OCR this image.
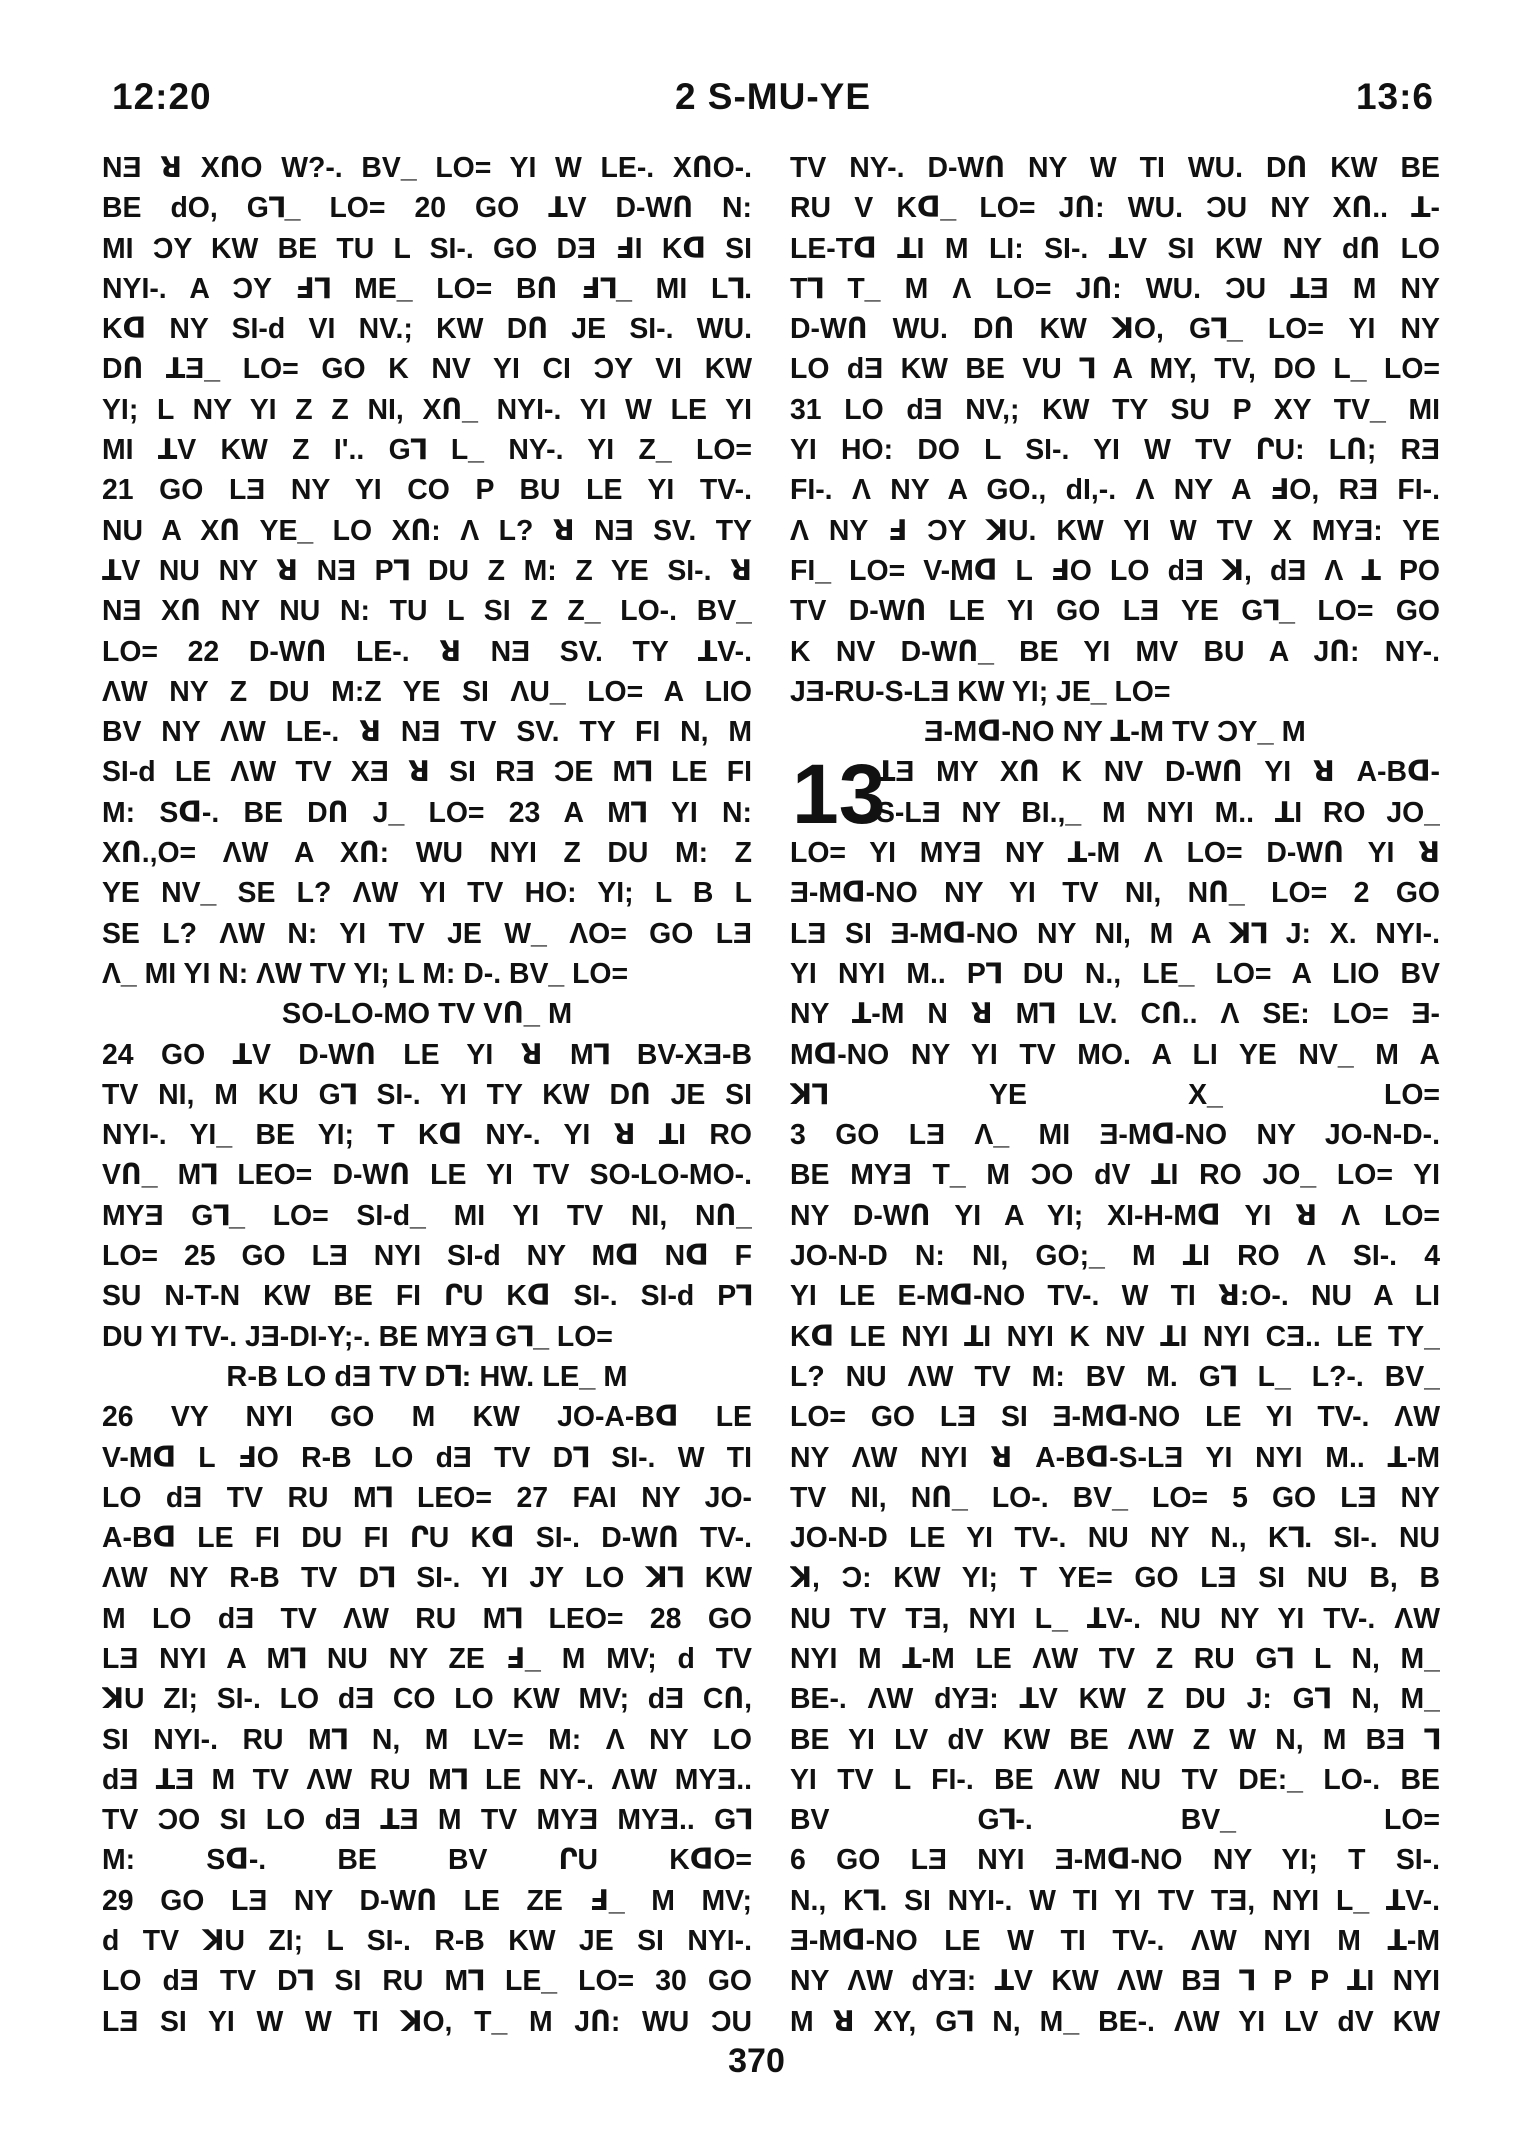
12:20	2 S-MU-YE	13:6
NƎ ꓤ XՈO W?-. BV_ LO= YI W LE-. XՈO-.
BE dO, Gꓶ_ LO= 20 GO ꓕV D-WՈ N:
MI ƆY KW BE TU L SI-. GO DƎ ꓞI Kᗡ SI
NYI-. A ƆY ꓞꓶ ME_ LO= BՈ ꓞꓶ_ MI Lꓶ.
Kᗡ NY SI-d VI NV.; KW DՈ JE SI-. WU.
DՈ ꓕƎ_ LO= GO K NV YI CI ƆY VI KW
YI; L NY YI Z Z NI, XՈ_ NYI-. YI W LE YI
MI ꓕV KW Z I'.. Gꓶ L_ NY-. YI Z_ LO=
21 GO LƎ NY YI CO P BU LE YI TV-.
NU A XՈ YE_ LO XՈ: Λ L? ꓤ NƎ SV. TY
ꓕV NU NY ꓤ NƎ Pꓶ DU Z M: Z YE SI-. ꓤ
NƎ XՈ NY NU N: TU L SI Z Z_ LO-. BV_
LO= 22 D-WՈ LE-. ꓤ NƎ SV. TY ꓕV-.
ΛW NY Z DU M:Z YE SI ΛU_ LO= A LIO
BV NY ΛW LE-. ꓤ NƎ TV SV. TY FI N, M
SI-d LE ΛW TV XƎ ꓤ SI RƎ ƆE Mꓶ LE FI
M: Sᗡ-. BE DՈ J_ LO= 23 A Mꓶ YI N:
XՈ.,O= ΛW A XՈ: WU NYI Z DU M: Z
YE NV_ SE L? ΛW YI TV HO: YI; L B L
SE L? ΛW N: YI TV JE W_ ΛO= GO LƎ
Λ_ MI YI N: ΛW TV YI; L M: D-. BV_ LO=
SO-LO-MO TV VՈ_ M
24 GO ꓕV D-WՈ LE YI ꓤ Mꓶ BV-XƎ-B
TV NI, M KU Gꓶ SI-. YI TY KW DՈ JE SI
NYI-. YI_ BE YI; T Kᗡ NY-. YI ꓤ ꓕI RO
VՈ_ Mꓶ LEO= D-WՈ LE YI TV SO-LO-MO-.
MYƎ Gꓶ_ LO= SI-d_ MI YI TV NI, NՈ_
LO= 25 GO LƎ NYI SI-d NY Mᗡ Nᗡ F
SU N-T-N KW BE FI ՐU Kᗡ SI-. SI-d Pꓶ
DU YI TV-. JƎ-DI-Y;-. BE MYƎ Gꓶ_ LO=
R-B LO dƎ TV Dꓶ: HW. LE_ M
26 VY NYI GO M KW JO-A-Bᗡ LE
V-Mᗡ L ꓞO R-B LO dƎ TV Dꓶ SI-. W TI
LO dƎ TV RU Mꓶ LEO= 27 FAI NY JO-
A-Bᗡ LE FI DU FI ՐU Kᗡ SI-. D-WՈ TV-.
ΛW NY R-B TV Dꓶ SI-. YI JY LO ꓘꓶ KW
M LO dƎ TV ΛW RU Mꓶ LEO= 28 GO
LƎ NYI A Mꓶ NU NY ZE ꓞ_ M MV; d TV
ꓘU ZI; SI-. LO dƎ CO LO KW MV; dƎ CՈ,
SI NYI-. RU Mꓶ N, M LV= M: Λ NY LO
dƎ ꓕƎ M TV ΛW RU Mꓶ LE NY-. ΛW MYƎ..
TV ƆO SI LO dƎ ꓕƎ M TV MYƎ MYƎ.. Gꓶ
M: Sᗡ-. BE BV ՐU KᗡO=
29 GO LƎ NY D-WՈ LE ZE ꓞ_ M MV;
d TV ꓘU ZI; L SI-. R-B KW JE SI NYI-.
LO dƎ TV Dꓶ SI RU Mꓶ LE_ LO= 30 GO
LƎ SI YI W W TI ꓘO, T_ M JՈ: WU ƆU
TV NY-. D-WՈ NY W TI WU. DՈ KW BE
RU V Kᗡ_ LO= JՈ: WU. ƆU NY XՈ.. ꓕ-
LE-Tᗡ ꓕI M LI: SI-. ꓕV SI KW NY dՈ LO
Tꓶ T_ M Λ LO= JՈ: WU. ƆU ꓕƎ M NY
D-WՈ WU. DՈ KW ꓘO, Gꓶ_ LO= YI NY
LO dƎ KW BE VU ꓶ A MY, TV, DO L_ LO=
31 LO dƎ NV,; KW TY SU P XY TV_ MI
YI HO: DO L SI-. YI W TV ՐU: LՈ; RƎ
FI-. Λ NY A GO., dI,-. Λ NY A ꓞO, RƎ FI-.
Λ NY ꓞ ƆY ꓘU. KW YI W TV X MYƎ: YE
FI_ LO= V-Mᗡ L ꓞO LO dƎ ꓘ, dƎ Λ ꓕ PO
TV D-WՈ LE YI GO LƎ YE Gꓶ_ LO= GO
K NV D-WՈ_ BE YI MV BU A JՈ: NY-.
JƎ-RU-S-LƎ KW YI; JE_ LO=
Ǝ-Mᗡ-NO NY ꓕ-M TV ƆY_ M
13
ꓕƎ MY XՈ K NV D-WՈ YI ꓤ A-Bᗡ-
S-LƎ NY BI.,_ M NYI M.. ꓕI RO JO_
LO= YI MYƎ NY ꓕ-M Λ LO= D-WՈ YI ꓤ
Ǝ-Mᗡ-NO NY YI TV NI, NՈ_ LO= 2 GO
LƎ SI Ǝ-Mᗡ-NO NY NI, M A ꓘꓶ J: X. NYI-.
YI NYI M.. Pꓶ DU N., LE_ LO= A LIO BV
NY ꓕ-M N ꓤ Mꓶ LV. CՈ.. Λ SE: LO= Ǝ-
Mᗡ-NO NY YI TV MO. A LI YE NV_ M A
ꓘꓶ YE X_ LO=
3 GO LƎ Λ_ MI Ǝ-Mᗡ-NO NY JO-N-D-.
BE MYƎ T_ M ƆO dV ꓕI RO JO_ LO= YI
NY D-WՈ YI A YI; XI-H-Mᗡ YI ꓤ Λ LO=
JO-N-D N: NI, GO;_ M ꓕI RO Λ SI-. 4
YI LE E-Mᗡ-NO TV-. W TI ꓤ:O-. NU A LI
Kᗡ LE NYI ꓕI NYI K NV ꓕI NYI CƎ.. LE TY_
L? NU ΛW TV M: BV M. Gꓶ L_ L?-. BV_
LO= GO LƎ SI Ǝ-Mᗡ-NO LE YI TV-. ΛW
NY ΛW NYI ꓤ A-Bᗡ-S-LƎ YI NYI M.. ꓕ-M
TV NI, NՈ_ LO-. BV_ LO= 5 GO LƎ NY
JO-N-D LE YI TV-. NU NY N., Kꓶ. SI-. NU
ꓘ, Ɔ: KW YI; T YE= GO LƎ SI NU B, B
NU TV TƎ, NYI L_ ꓕV-. NU NY YI TV-. ΛW
NYI M ꓕ-M LE ΛW TV Z RU Gꓶ L N, M_
BE-. ΛW dYƎ: ꓕV KW Z DU J: Gꓶ N, M_
BE YI LV dV KW BE ΛW Z W N, M BƎ ꓶ
YI TV L FI-. BE ΛW NU TV DE:_ LO-. BE
BV Gꓶ-. BV_ LO=
6 GO LƎ NYI Ǝ-Mᗡ-NO NY YI; T SI-.
N., Kꓶ. SI NYI-. W TI YI TV TƎ, NYI L_ ꓕV-.
Ǝ-Mᗡ-NO LE W TI TV-. ΛW NYI M ꓕ-M
NY ΛW dYƎ: ꓕV KW ΛW BƎ ꓶ P P ꓕI NYI
M ꓤ XY, Gꓶ N, M_ BE-. ΛW YI LV dV KW
370
